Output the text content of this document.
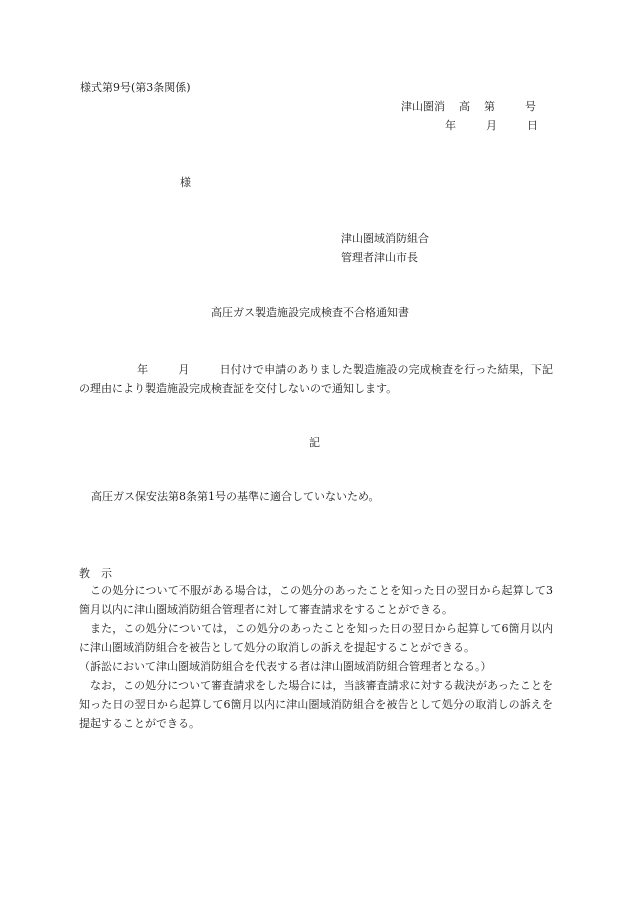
様式第9号(第3条関係)
津山圏消 高 第	号
年	月	日
様
津山圏域消防組合
管理者津山市長
高圧ガス製造施設完成検査不合格通知書
年	月	日付けで申請のありました製造施設の完成検査を行った結果，下記の理由により製造施設完成検査証を交付しないので通知します。
記
高圧ガス保安法第8条第1号の基準に適合していないため。
教　示

この処分について不服がある場合は，この処分のあったことを知った日の翌日から起算して3箇月以内に津山圏域消防組合管理者に対して審査請求をすることができる。

また，この処分については，この処分のあったことを知った日の翌日から起算して6箇月以内に津山圏域消防組合を被告として処分の取消しの訴えを提起することができる。

（訴訟において津山圏域消防組合を代表する者は津山圏域消防組合管理者となる。）

なお，この処分について審査請求をした場合には，当該審査請求に対する裁決があったことを知った日の翌日から起算して6箇月以内に津山圏域消防組合を被告として処分の取消しの訴えを提起することができる。
